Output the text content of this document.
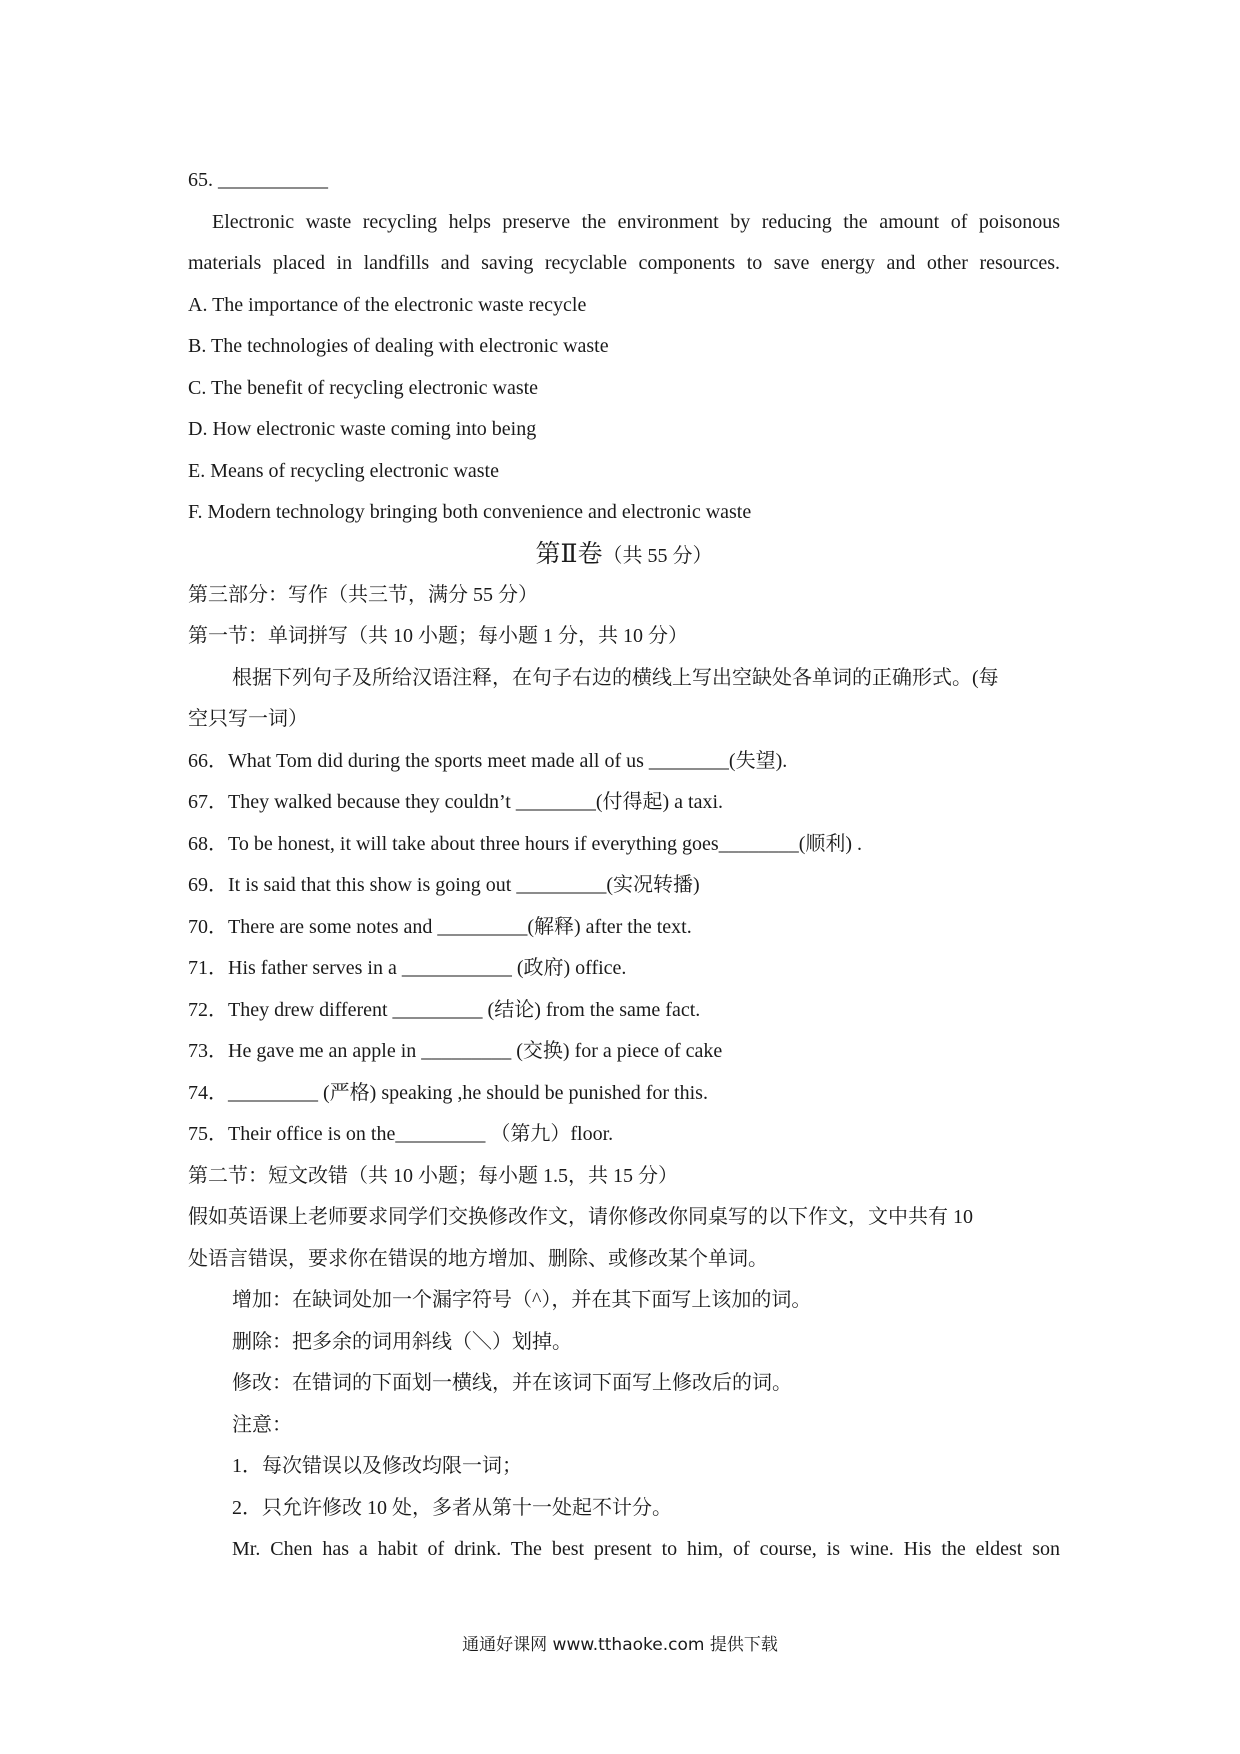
65. ___________
Electronic waste recycling helps preserve the environment by reducing the amount of poisonous
materials placed in landfills and saving recyclable components to save energy and other resources.
A. The importance of the electronic waste recycle
B. The technologies of dealing with electronic waste
C. The benefit of recycling electronic waste
D. How electronic waste coming into being
E. Means of recycling electronic waste
F. Modern technology bringing both convenience and electronic waste
第Ⅱ卷（共 55 分）
第三部分：写作（共三节，满分 55 分）
第一节：单词拼写（共 10 小题；每小题 1 分，共 10 分）
根据下列句子及所给汉语注释，在句子右边的横线上写出空缺处各单词的正确形式。(每
空只写一词）
66．What Tom did during the sports meet made all of us ________(失望).
67．They walked because they couldn’t ________(付得起) a taxi.
68．To be honest, it will take about three hours if everything goes________(顺利) .
69．It is said that this show is going out _________(实况转播)
70．There are some notes and _________(解释) after the text.
71．His father serves in a ___________ (政府) office.
72．They drew different _________ (结论) from the same fact.
73．He gave me an apple in _________ (交换) for a piece of cake
74．_________ (严格) speaking ,he should be punished for this.
75．Their office is on the_________ （第九）floor.
第二节：短文改错（共 10 小题；每小题 1.5，共 15 分）
假如英语课上老师要求同学们交换修改作文，请你修改你同桌写的以下作文，文中共有 10
处语言错误，要求你在错误的地方增加、删除、或修改某个单词。
增加：在缺词处加一个漏字符号（^），并在其下面写上该加的词。
删除：把多余的词用斜线（＼）划掉。
修改：在错词的下面划一横线，并在该词下面写上修改后的词。
注意：
1．每次错误以及修改均限一词；
2．只允许修改 10 处，多者从第十一处起不计分。
Mr. Chen has a habit of drink. The best present to him, of course, is wine. His the eldest son
通通好课网 www.tthaoke.com 提供下载
